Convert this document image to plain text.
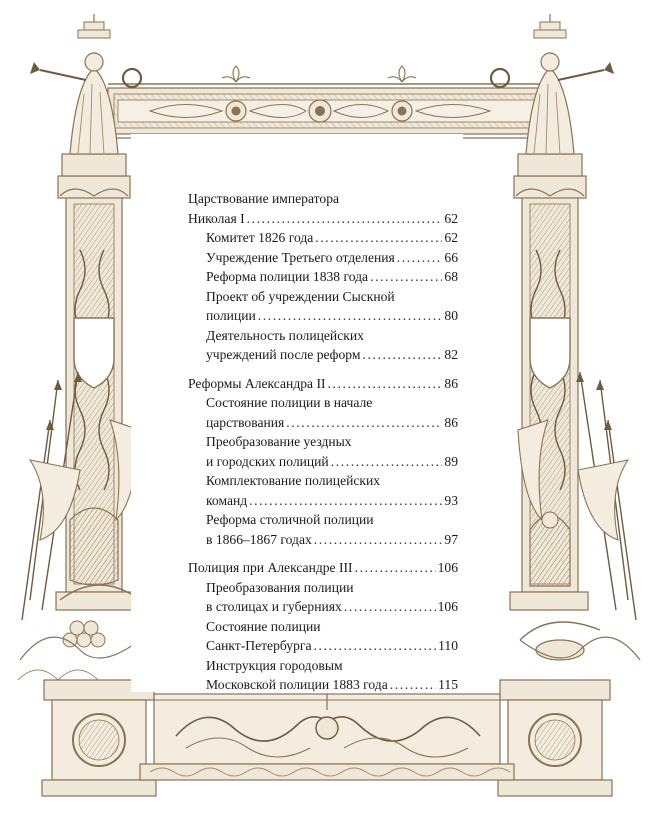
Царствование императора
Николая I .....	62
Комитет 1826 года .....	62
Учреждение Третьего отделения .....	66
Реформа полиции 1838 года .....	68
Проект об учреждении Сыскной
полиции .....	80
Деятельность полицейских
учреждений после реформ .....	82
Реформы Александра II .....	86
Состояние полиции в начале
царствования .....	86
Преобразование уездных
и городских полиций .....	89
Комплектование полицейских
команд .....	93
Реформа столичной полиции
в 1866–1867 годах .....	97
Полиция при Александре III .....	106
Преобразования полиции
в столицах и губерниях .....	106
Состояние полиции
Санкт-Петербурга .....	110
Инструкция городовым
Московской полиции 1883 года .....	115
